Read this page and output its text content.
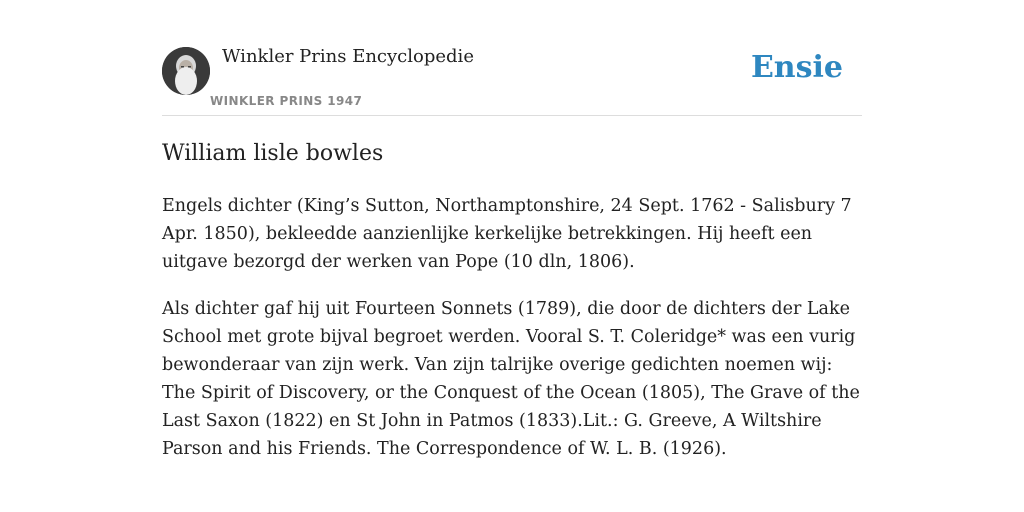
Winkler Prins Encyclopedie
WINKLER PRINS 1947
Ensie
William lisle bowles

Engels dichter (King’s Sutton, Northamptonshire, 24 Sept. 1762 - Salisbury 7 Apr. 1850), bekleedde aanzienlijke kerkelijke betrekkingen. Hij heeft een uitgave bezorgd der werken van Pope (10 dln, 1806).

Als dichter gaf hij uit Fourteen Sonnets (1789), die door de dichters der Lake School met grote bijval begroet werden. Vooral S. T. Coleridge* was een vurig bewonderaar van zijn werk. Van zijn talrijke overige gedichten noemen wij: The Spirit of Discovery, or the Conquest of the Ocean (1805), The Grave of the Last Saxon (1822) en St John in Patmos (1833).Lit.: G. Greeve, A Wiltshire Parson and his Friends. The Correspondence of W. L. B. (1926).
